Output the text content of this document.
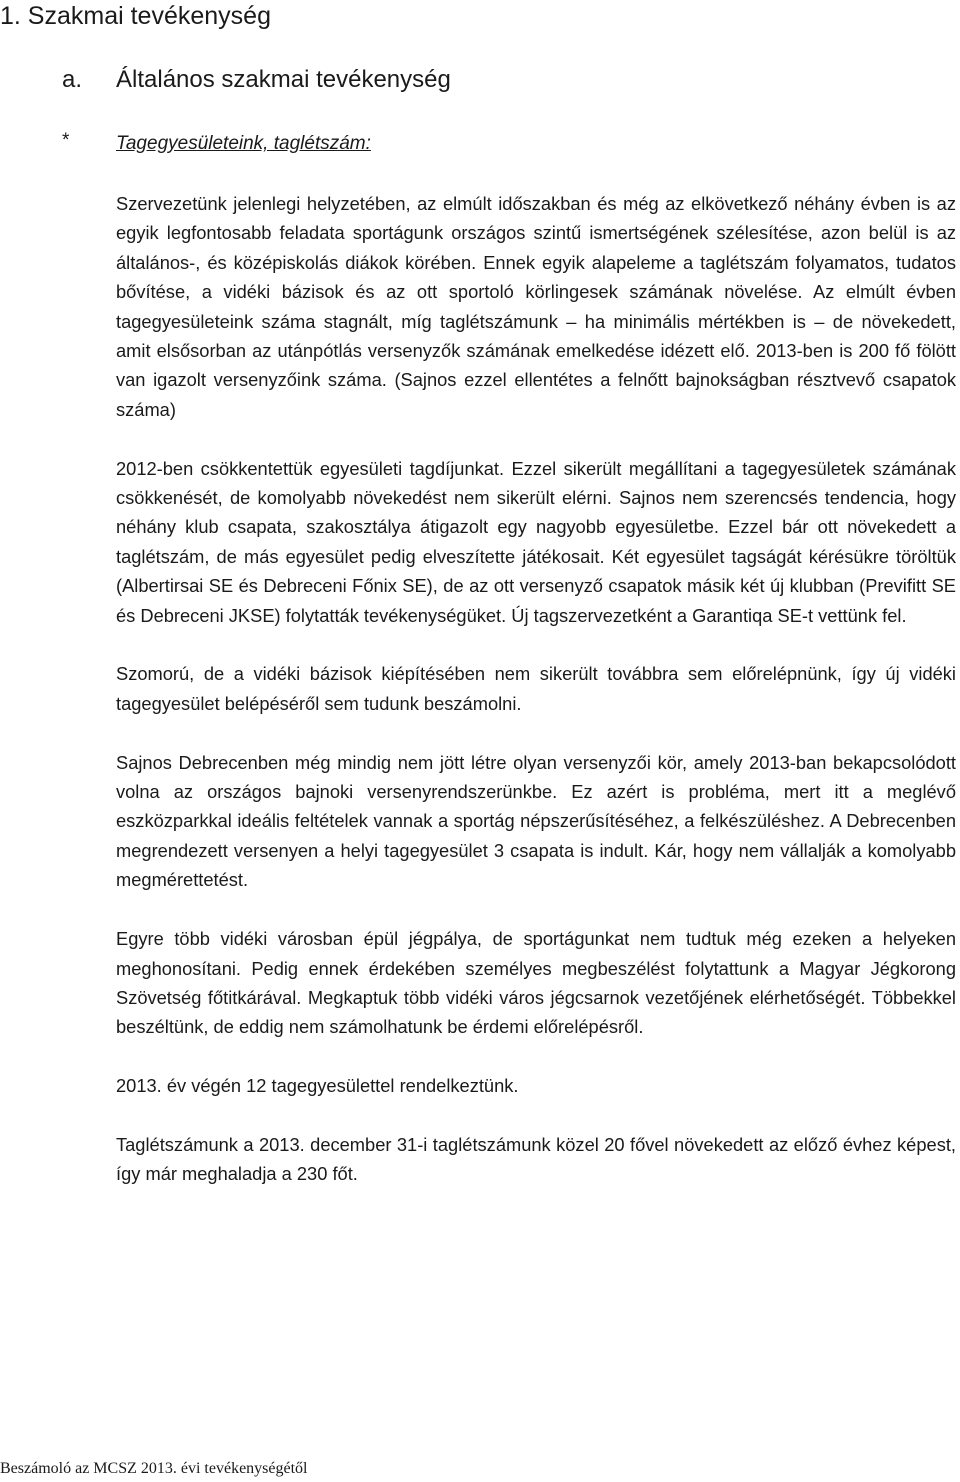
1. Szakmai tevékenység
a. Általános szakmai tevékenység
* Tagegyesületeink, taglétszám:

Szervezetünk jelenlegi helyzetében, az elmúlt időszakban és még az elkövetkező néhány évben is az egyik legfontosabb feladata sportágunk országos szintű ismertségének szélesítése, azon belül is az általános-, és középiskolás diákok körében. Ennek egyik alapeleme a taglétszám folyamatos, tudatos bővítése, a vidéki bázisok és az ott sportoló körlingesek számának növelése. Az elmúlt évben tagegyesületeink száma stagnált, míg taglétszámunk – ha minimális mértékben is – de növekedett, amit elsősorban az utánpótlás versenyzők számának emelkedése idézett elő. 2013-ben is 200 fő fölött van igazolt versenyzőink száma. (Sajnos ezzel ellentétes a felnőtt bajnokságban résztvevő csapatok száma)

2012-ben csökkentettük egyesületi tagdíjunkat. Ezzel sikerült megállítani a tagegyesületek számának csökkenését, de komolyabb növekedést nem sikerült elérni. Sajnos nem szerencsés tendencia, hogy néhány klub csapata, szakosztálya átigazolt egy nagyobb egyesületbe. Ezzel bár ott növekedett a taglétszám, de más egyesület pedig elveszítette játékosait. Két egyesület tagságát kérésükre töröltük (Albertirsai SE és Debreceni Főnix SE), de az ott versenyző csapatok másik két új klubban (Previfitt SE és Debreceni JKSE) folytatták tevékenységüket. Új tagszervezetként a Garantiqa SE-t vettünk fel.

Szomorú, de a vidéki bázisok kiépítésében nem sikerült továbbra sem előrelépnünk, így új vidéki tagegyesület belépéséről sem tudunk beszámolni.

Sajnos Debrecenben még mindig nem jött létre olyan versenyzői kör, amely 2013-ban bekapcsolódott volna az országos bajnoki versenyrendszerünkbe. Ez azért is probléma, mert itt a meglévő eszközparkkal ideális feltételek vannak a sportág népszerűsítéséhez, a felkészüléshez. A Debrecenben megrendezett versenyen a helyi tagegyesület 3 csapata is indult. Kár, hogy nem vállalják a komolyabb megmérettetést.

Egyre több vidéki városban épül jégpálya, de sportágunkat nem tudtuk még ezeken a helyeken meghonosítani. Pedig ennek érdekében személyes megbeszélést folytattunk a Magyar Jégkorong Szövetség főtitkárával. Megkaptuk több vidéki város jégcsarnok vezetőjének elérhetőségét. Többekkel beszéltünk, de eddig nem számolhatunk be érdemi előrelépésről.

2013. év végén 12 tagegyesülettel rendelkeztünk.

Taglétszámunk a 2013. december 31-i taglétszámunk közel 20 fővel növekedett az előző évhez képest, így már meghaladja a 230 főt.

Beszámoló az MCSZ 2013. évi tevékenységétől
